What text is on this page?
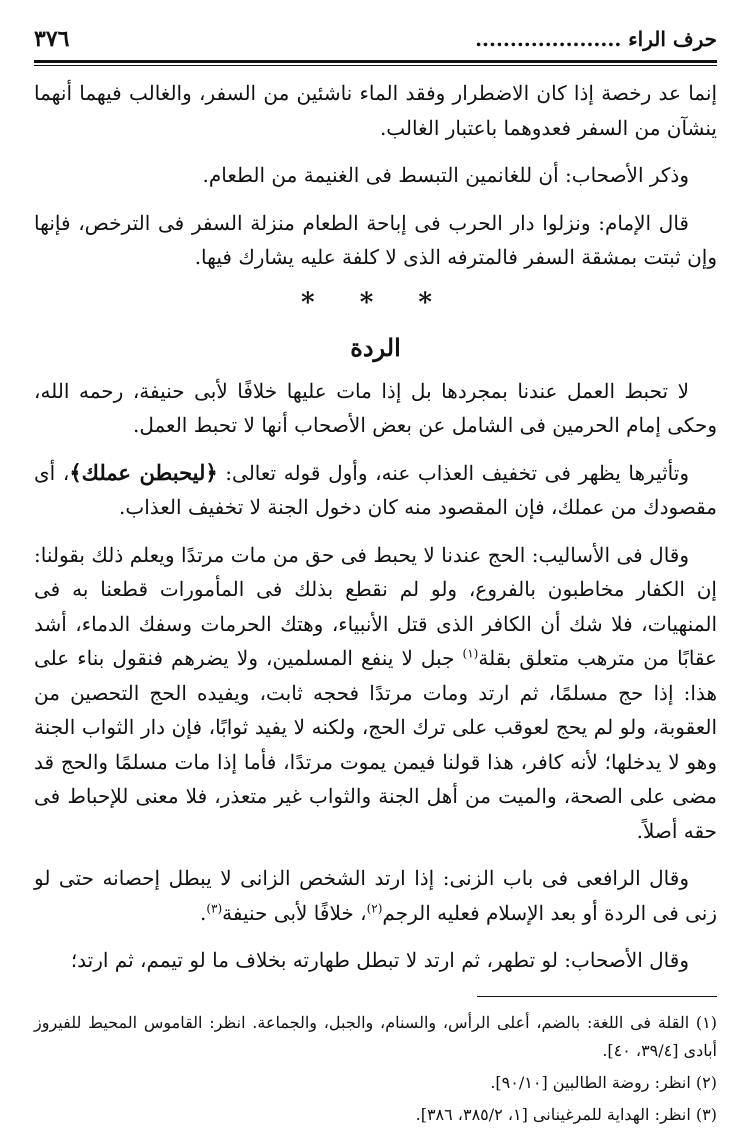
حرف الراء .....................
٣٧٦

إنما عد رخصة إذا كان الاضطرار وفقد الماء ناشئين من السفر، والغالب فيهما أنهما ينشآن من السفر فعدوهما باعتبار الغالب.

وذكر الأصحاب: أن للغانمين التبسط فى الغنيمة من الطعام.

قال الإمام: ونزلوا دار الحرب فى إباحة الطعام منزلة السفر فى الترخص، فإنها وإن ثبتت بمشقة السفر فالمترفه الذى لا كلفة عليه يشارك فيها.

* * *
الردة

لا تحبط العمل عندنا بمجردها بل إذا مات عليها خلافًا لأبى حنيفة، رحمه الله، وحكى إمام الحرمين فى الشامل عن بعض الأصحاب أنها لا تحبط العمل.

وتأثيرها يظهر فى تخفيف العذاب عنه، وأول قوله تعالى: ﴿ليحبطن عملك﴾، أى مقصودك من عملك، فإن المقصود منه كان دخول الجنة لا تخفيف العذاب.

وقال فى الأساليب: الحج عندنا لا يحبط فى حق من مات مرتدًا ويعلم ذلك بقولنا: إن الكفار مخاطبون بالفروع، ولو لم نقطع بذلك فى المأمورات قطعنا به فى المنهيات، فلا شك أن الكافر الذى قتل الأنبياء، وهتك الحرمات وسفك الدماء، أشد عقابًا من مترهب متعلق بقلة$^{(١)}$ جبل لا ينفع المسلمين، ولا يضرهم فنقول بناء على هذا: إذا حج مسلمًا، ثم ارتد ومات مرتدًا فحجه ثابت، ويفيده الحج التحصين من العقوبة، ولو لم يحج لعوقب على ترك الحج، ولكنه لا يفيد ثوابًا، فإن دار الثواب الجنة وهو لا يدخلها؛ لأنه كافر، هذا قولنا فيمن يموت مرتدًا، فأما إذا مات مسلمًا والحج قد مضى على الصحة، والميت من أهل الجنة والثواب غير متعذر، فلا معنى للإحباط فى حقه أصلاً.

وقال الرافعى فى باب الزنى: إذا ارتد الشخص الزانى لا يبطل إحصانه حتى لو زنى فى الردة أو بعد الإسلام فعليه الرجم$^{(٢)}$، خلافًا لأبى حنيفة$^{(٣)}$.

وقال الأصحاب: لو تطهر، ثم ارتد لا تبطل طهارته بخلاف ما لو تيمم، ثم ارتد؛

(١) القلة فى اللغة: بالضم، أعلى الرأس، والسنام، والجبل، والجماعة. انظر: القاموس المحيط للفيروز أبادى [٣٩/٤، ٤٠].

(٢) انظر: روضة الطالبين [٩٠/١٠].

(٣) انظر: الهداية للمرغينانى [١، ٣٨٥/٢، ٣٨٦].
